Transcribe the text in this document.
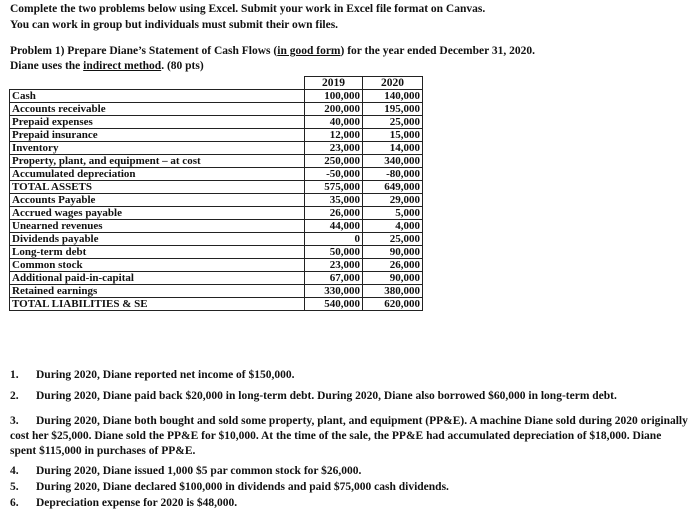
Complete the two problems below using Excel. Submit your work in Excel file format on Canvas.
You can work in group but individuals must submit their own files.
Problem 1) Prepare Diane’s Statement of Cash Flows (in good form) for the year ended December 31, 2020.
Diane uses the indirect method. (80 pts)
	2019	2020
Cash	100,000	140,000
Accounts receivable	200,000	195,000
Prepaid expenses	40,000	25,000
Prepaid insurance	12,000	15,000
Inventory	23,000	14,000
Property, plant, and equipment – at cost	250,000	340,000
Accumulated depreciation	-50,000	-80,000
TOTAL ASSETS	575,000	649,000
Accounts Payable	35,000	29,000
Accrued wages payable	26,000	5,000
Unearned revenues	44,000	4,000
Dividends payable	0	25,000
Long-term debt	50,000	90,000
Common stock	23,000	26,000
Additional paid-in-capital	67,000	90,000
Retained earnings	330,000	380,000
TOTAL LIABILITIES & SE	540,000	620,000
1. During 2020, Diane reported net income of $150,000.
2. During 2020, Diane paid back $20,000 in long-term debt. During 2020, Diane also borrowed $60,000 in long-term debt.
3. During 2020, Diane both bought and sold some property, plant, and equipment (PP&E). A machine Diane sold during 2020 originally cost her $25,000. Diane sold the PP&E for $10,000. At the time of the sale, the PP&E had accumulated depreciation of $18,000. Diane spent $115,000 in purchases of PP&E.
4. During 2020, Diane issued 1,000 $5 par common stock for $26,000.
5. During 2020, Diane declared $100,000 in dividends and paid $75,000 cash dividends.
6. Depreciation expense for 2020 is $48,000.
